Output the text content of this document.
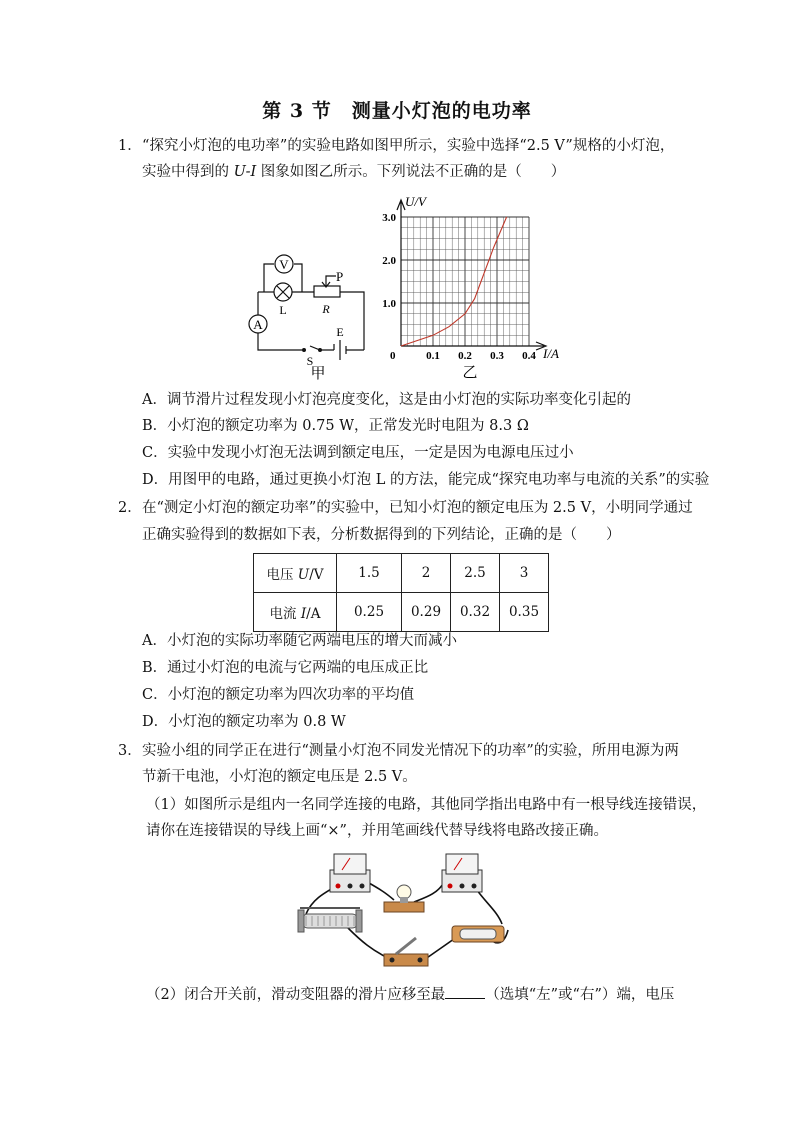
第 3 节　测量小灯泡的电功率
1． “探究小灯泡的电功率”的实验电路如图甲所示，实验中选择“2.5 V”规格的小灯泡，
实验中得到的 U-I 图象如图乙所示。下列说法不正确的是（　　）
V
A
L
P
R
E
S
甲
1.0
2.0
3.0
0.1 0.2 0.3 0.4
0
U/V
I/A
乙
A．调节滑片过程发现小灯泡亮度变化，这是由小灯泡的实际功率变化引起的
B．小灯泡的额定功率为 0.75 W，正常发光时电阻为 8.3 Ω
C．实验中发现小灯泡无法调到额定电压，一定是因为电源电压过小
D．用图甲的电路，通过更换小灯泡 L 的方法，能完成“探究电功率与电流的关系”的实验
2． 在“测定小灯泡的额定功率”的实验中，已知小灯泡的额定电压为 2.5 V，小明同学通过
正确实验得到的数据如下表，分析数据得到的下列结论，正确的是（　　）
电压 U/V	1.5	2	2.5	3
电流 I/A	0.25	0.29	0.32	0.35
A．小灯泡的实际功率随它两端电压的增大而减小
B．通过小灯泡的电流与它两端的电压成正比
C．小灯泡的额定功率为四次功率的平均值
D．小灯泡的额定功率为 0.8 W
3． 实验小组的同学正在进行“测量小灯泡不同发光情况下的功率”的实验，所用电源为两
节新干电池，小灯泡的额定电压是 2.5 V。
（1）如图所示是组内一名同学连接的电路，其他同学指出电路中有一根导线连接错误，
请你在连接错误的导线上画“×”，并用笔画线代替导线将电路改接正确。
（2）闭合开关前，滑动变阻器的滑片应移至最	（选填“左”或“右”）端，电压
